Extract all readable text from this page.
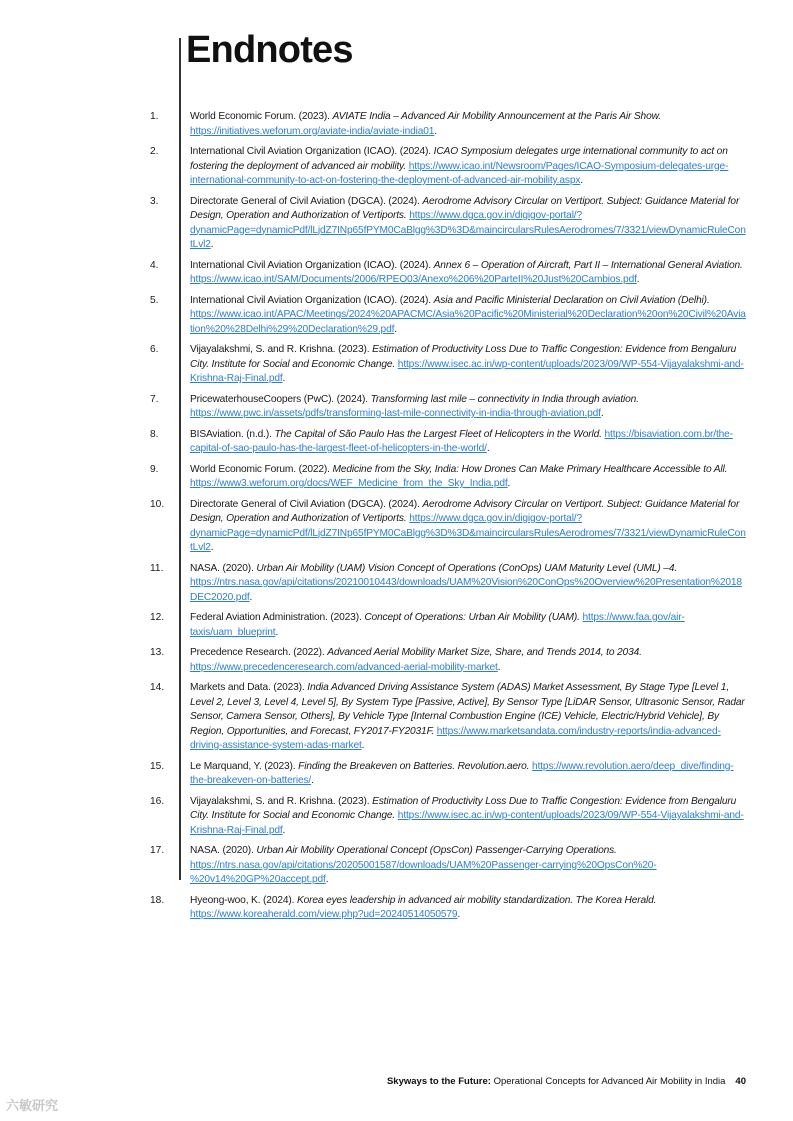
Endnotes
1.	World Economic Forum. (2023). AVIATE India – Advanced Air Mobility Announcement at the Paris Air Show. https://initiatives.weforum.org/aviate-india/aviate-india01.
2.	International Civil Aviation Organization (ICAO). (2024). ICAO Symposium delegates urge international community to act on fostering the deployment of advanced air mobility. https://www.icao.int/Newsroom/Pages/ICAO-Symposium-delegates-urge-international-community-to-act-on-fostering-the-deployment-of-advanced-air-mobility.aspx.
3.	Directorate General of Civil Aviation (DGCA). (2024). Aerodrome Advisory Circular on Vertiport. Subject: Guidance Material for Design, Operation and Authorization of Vertiports. https://www.dgca.gov.in/digigov-portal/?dynamicPage=dynamicPdf/lLjdZ7INp65fPYM0CaBlgg%3D%3D&maincircularsRulesAerodromes/7/3321/viewDynamicRuleContLvl2.
4.	International Civil Aviation Organization (ICAO). (2024). Annex 6 – Operation of Aircraft, Part II – International General Aviation. https://www.icao.int/SAM/Documents/2006/RPEO03/Anexo%206%20ParteII%20Just%20Cambios.pdf.
5.	International Civil Aviation Organization (ICAO). (2024). Asia and Pacific Ministerial Declaration on Civil Aviation (Delhi). https://www.icao.int/APAC/Meetings/2024%20APACMC/Asia%20Pacific%20Ministerial%20Declaration%20on%20Civil%20Aviation%20%28Delhi%29%20Declaration%29.pdf.
6.	Vijayalakshmi, S. and R. Krishna. (2023). Estimation of Productivity Loss Due to Traffic Congestion: Evidence from Bengaluru City. Institute for Social and Economic Change. https://www.isec.ac.in/wp-content/uploads/2023/09/WP-554-Vijayalakshmi-and-Krishna-Raj-Final.pdf.
7.	PricewaterhouseCoopers (PwC). (2024). Transforming last mile – connectivity in India through aviation. https://www.pwc.in/assets/pdfs/transforming-last-mile-connectivity-in-india-through-aviation.pdf.
8.	BISAviation. (n.d.). The Capital of São Paulo Has the Largest Fleet of Helicopters in the World. https://bisaviation.com.br/the-capital-of-sao-paulo-has-the-largest-fleet-of-helicopters-in-the-world/.
9.	World Economic Forum. (2022). Medicine from the Sky, India: How Drones Can Make Primary Healthcare Accessible to All. https://www3.weforum.org/docs/WEF_Medicine_from_the_Sky_India.pdf.
10.	Directorate General of Civil Aviation (DGCA). (2024). Aerodrome Advisory Circular on Vertiport. Subject: Guidance Material for Design, Operation and Authorization of Vertiports. https://www.dgca.gov.in/digigov-portal/?dynamicPage=dynamicPdf/lLjdZ7INp65fPYM0CaBlgg%3D%3D&maincircularsRulesAerodromes/7/3321/viewDynamicRuleContLvl2.
11.	NASA. (2020). Urban Air Mobility (UAM) Vision Concept of Operations (ConOps) UAM Maturity Level (UML) –4. https://ntrs.nasa.gov/api/citations/20210010443/downloads/UAM%20Vision%20ConOps%20Overview%20Presentation%2018DEC2020.pdf.
12.	Federal Aviation Administration. (2023). Concept of Operations: Urban Air Mobility (UAM). https://www.faa.gov/air-taxis/uam_blueprint.
13.	Precedence Research. (2022). Advanced Aerial Mobility Market Size, Share, and Trends 2014, to 2034. https://www.precedenceresearch.com/advanced-aerial-mobility-market.
14.	Markets and Data. (2023). India Advanced Driving Assistance System (ADAS) Market Assessment, By Stage Type [Level 1, Level 2, Level 3, Level 4, Level 5], By System Type [Passive, Active], By Sensor Type [LiDAR Sensor, Ultrasonic Sensor, Radar Sensor, Camera Sensor, Others], By Vehicle Type [Internal Combustion Engine (ICE) Vehicle, Electric/Hybrid Vehicle], By Region, Opportunities, and Forecast, FY2017-FY2031F. https://www.marketsandata.com/industry-reports/india-advanced-driving-assistance-system-adas-market.
15.	Le Marquand, Y. (2023). Finding the Breakeven on Batteries. Revolution.aero. https://www.revolution.aero/deep_dive/finding-the-breakeven-on-batteries/.
16.	Vijayalakshmi, S. and R. Krishna. (2023). Estimation of Productivity Loss Due to Traffic Congestion: Evidence from Bengaluru City. Institute for Social and Economic Change. https://www.isec.ac.in/wp-content/uploads/2023/09/WP-554-Vijayalakshmi-and-Krishna-Raj-Final.pdf.
17.	NASA. (2020). Urban Air Mobility Operational Concept (OpsCon) Passenger-Carrying Operations. https://ntrs.nasa.gov/api/citations/20205001587/downloads/UAM%20Passenger-carrying%20OpsCon%20-%20v14%20GP%20accept.pdf.
18.	Hyeong-woo, K. (2024). Korea eyes leadership in advanced air mobility standardization. The Korea Herald. https://www.koreaherald.com/view.php?ud=20240514050579.
Skyways to the Future: Operational Concepts for Advanced Air Mobility in India 40
六敏研究
